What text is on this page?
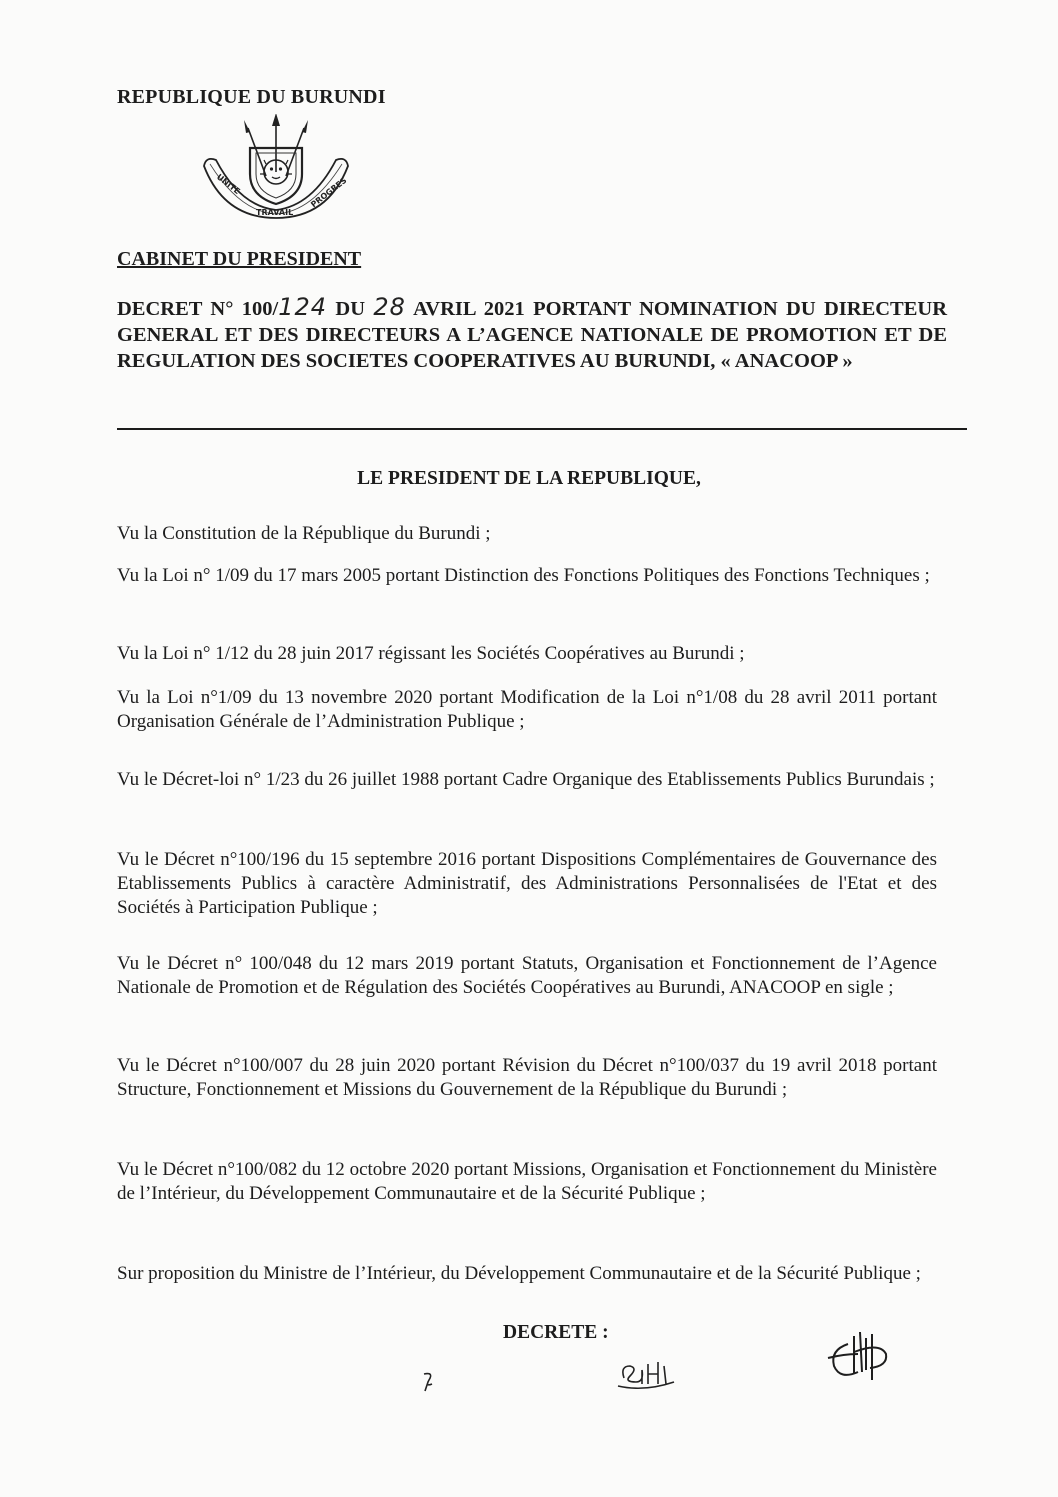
REPUBLIQUE DU BURUNDI
UNITE
TRAVAIL
PROGRES
CABINET DU PRESIDENT
DECRET N° 100/124 DU 28 AVRIL 2021 PORTANT NOMINATION DU DIRECTEUR GENERAL ET DES DIRECTEURS A L’AGENCE NATIONALE DE PROMOTION ET DE REGULATION DES SOCIETES COOPERATIVES AU BURUNDI, « ANACOOP »
LE PRESIDENT DE LA REPUBLIQUE,
Vu la Constitution de la République du Burundi ;
Vu la Loi n° 1/09 du 17 mars 2005 portant Distinction des Fonctions Politiques des Fonctions Techniques ;
Vu la Loi n° 1/12 du 28 juin 2017 régissant les Sociétés Coopératives au Burundi ;
Vu la Loi n°1/09 du 13 novembre 2020 portant Modification de la Loi n°1/08 du 28 avril 2011 portant Organisation Générale de l’Administration Publique ;
Vu le Décret-loi n° 1/23 du 26 juillet 1988 portant Cadre Organique des Etablissements Publics Burundais ;
Vu le Décret n°100/196 du 15 septembre 2016 portant Dispositions Complémentaires de Gouvernance des Etablissements Publics à caractère Administratif, des Administrations Personnalisées de l'Etat et des Sociétés à Participation Publique ;
Vu le Décret n° 100/048 du 12 mars 2019 portant Statuts, Organisation et Fonctionnement de l’Agence Nationale de Promotion et de Régulation des Sociétés Coopératives au Burundi, ANACOOP en sigle ;
Vu le Décret n°100/007 du 28 juin 2020 portant Révision du Décret n°100/037 du 19 avril 2018 portant Structure, Fonctionnement et Missions du Gouvernement de la République du Burundi ;
Vu le Décret n°100/082 du 12 octobre 2020 portant Missions, Organisation et Fonctionnement du Ministère de l’Intérieur, du Développement Communautaire et de la Sécurité Publique ;
Sur proposition du Ministre de l’Intérieur, du Développement Communautaire et de la Sécurité Publique ;
DECRETE :
